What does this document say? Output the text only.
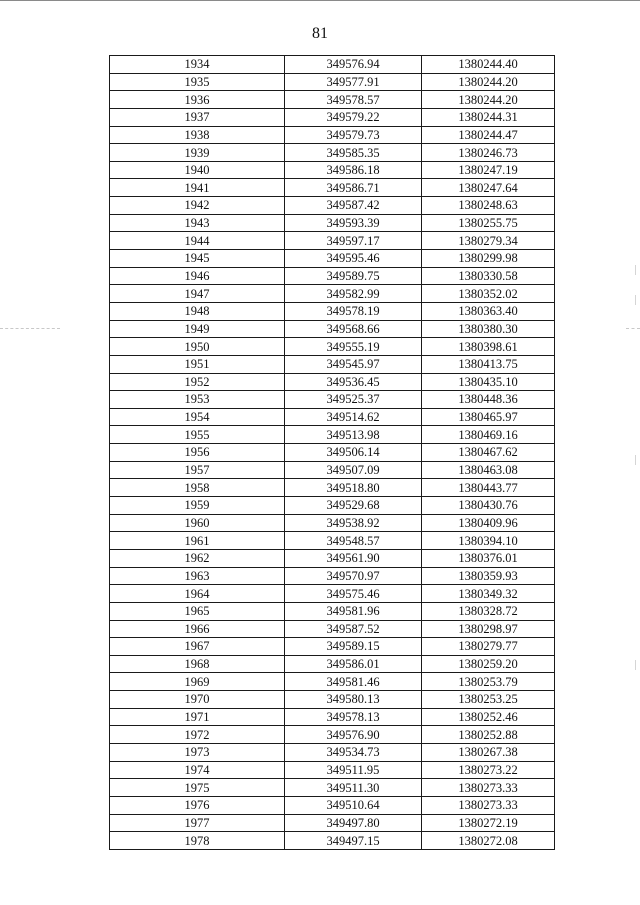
81
1934	349576.94	1380244.40
1935	349577.91	1380244.20
1936	349578.57	1380244.20
1937	349579.22	1380244.31
1938	349579.73	1380244.47
1939	349585.35	1380246.73
1940	349586.18	1380247.19
1941	349586.71	1380247.64
1942	349587.42	1380248.63
1943	349593.39	1380255.75
1944	349597.17	1380279.34
1945	349595.46	1380299.98
1946	349589.75	1380330.58
1947	349582.99	1380352.02
1948	349578.19	1380363.40
1949	349568.66	1380380.30
1950	349555.19	1380398.61
1951	349545.97	1380413.75
1952	349536.45	1380435.10
1953	349525.37	1380448.36
1954	349514.62	1380465.97
1955	349513.98	1380469.16
1956	349506.14	1380467.62
1957	349507.09	1380463.08
1958	349518.80	1380443.77
1959	349529.68	1380430.76
1960	349538.92	1380409.96
1961	349548.57	1380394.10
1962	349561.90	1380376.01
1963	349570.97	1380359.93
1964	349575.46	1380349.32
1965	349581.96	1380328.72
1966	349587.52	1380298.97
1967	349589.15	1380279.77
1968	349586.01	1380259.20
1969	349581.46	1380253.79
1970	349580.13	1380253.25
1971	349578.13	1380252.46
1972	349576.90	1380252.88
1973	349534.73	1380267.38
1974	349511.95	1380273.22
1975	349511.30	1380273.33
1976	349510.64	1380273.33
1977	349497.80	1380272.19
1978	349497.15	1380272.08
